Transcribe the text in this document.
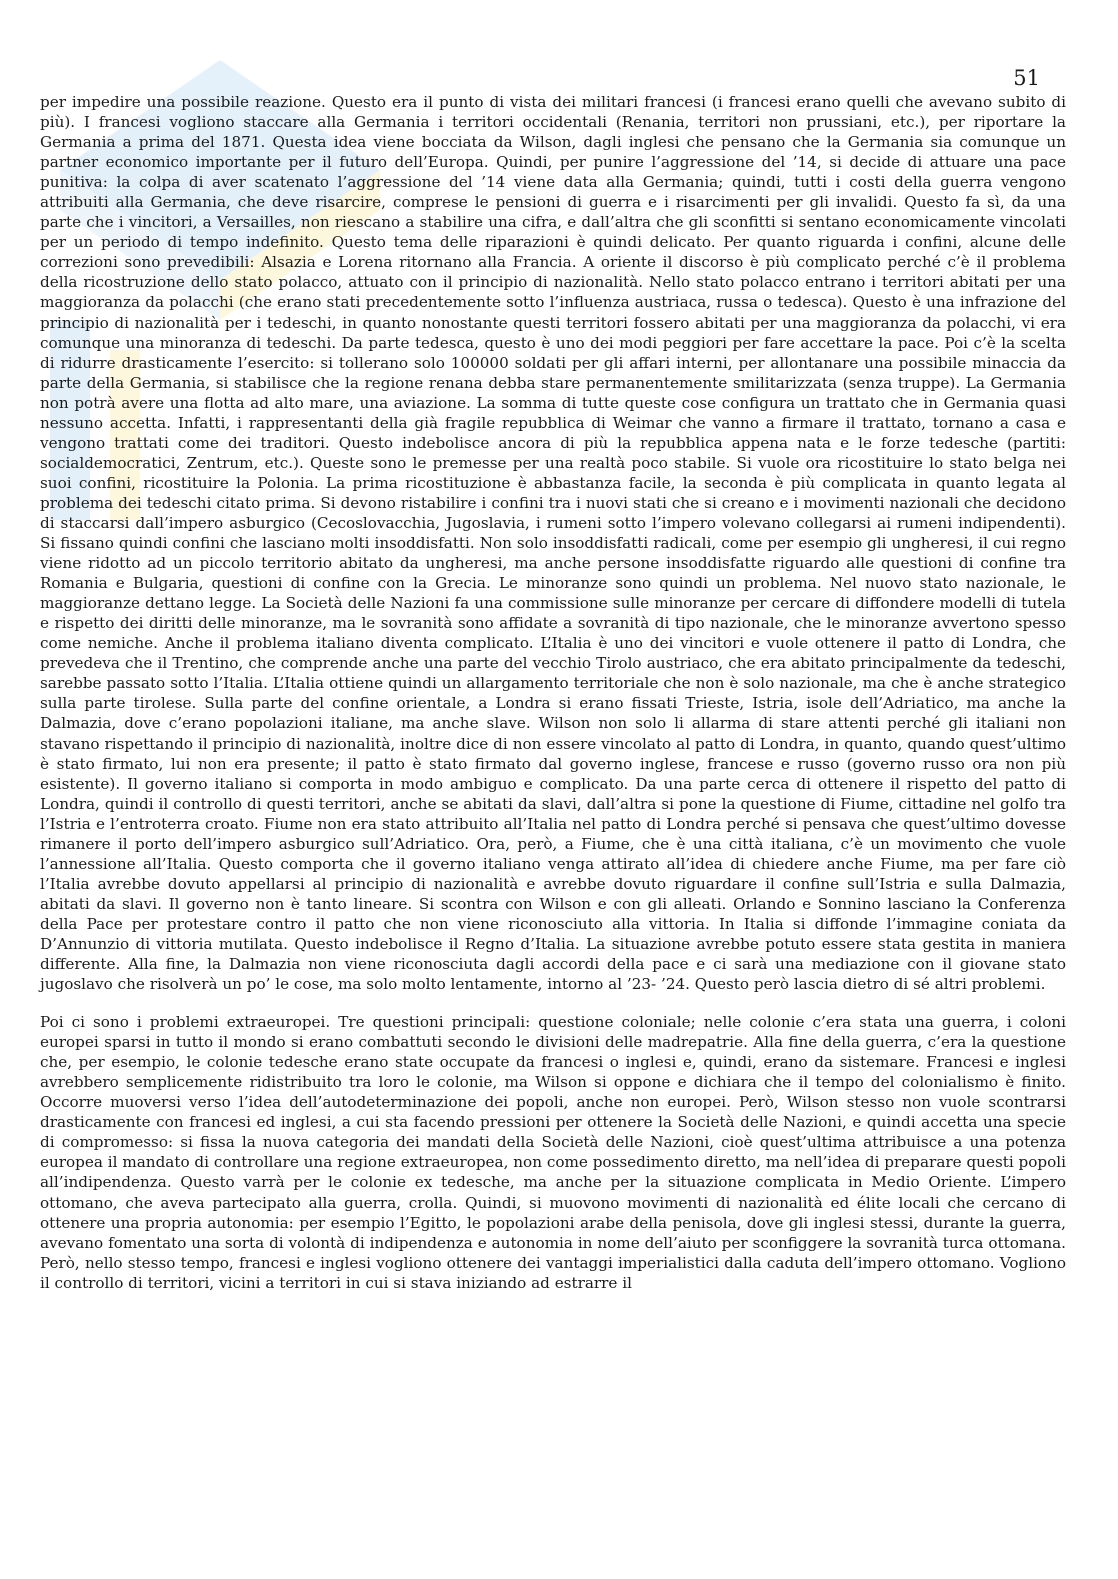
51

per impedire una possibile reazione. Questo era il punto di vista dei militari francesi (i francesi erano quelli che avevano subito di più). I francesi vogliono staccare alla Germania i territori occidentali (Renania, territori non prussiani, etc.), per riportare la Germania a prima del 1871. Questa idea viene bocciata da Wilson, dagli inglesi che pensano che la Germania sia comunque un partner economico importante per il futuro dell’Europa. Quindi, per punire l’aggressione del ’14, si decide di attuare una pace punitiva: la colpa di aver scatenato l’aggressione del ’14 viene data alla Germania; quindi, tutti i costi della guerra vengono attribuiti alla Germania, che deve risarcire, comprese le pensioni di guerra e i risarcimenti per gli invalidi. Questo fa sì, da una parte che i vincitori, a Versailles, non riescano a stabilire una cifra, e dall’altra che gli sconfitti si sentano economicamente vincolati per un periodo di tempo indefinito. Questo tema delle riparazioni è quindi delicato. Per quanto riguarda i confini, alcune delle correzioni sono prevedibili: Alsazia e Lorena ritornano alla Francia. A oriente il discorso è più complicato perché c’è il problema della ricostruzione dello stato polacco, attuato con il principio di nazionalità. Nello stato polacco entrano i territori abitati per una maggioranza da polacchi (che erano stati precedentemente sotto l’influenza austriaca, russa o tedesca). Questo è una infrazione del principio di nazionalità per i tedeschi, in quanto nonostante questi territori fossero abitati per una maggioranza da polacchi, vi era comunque una minoranza di tedeschi. Da parte tedesca, questo è uno dei modi peggiori per fare accettare la pace. Poi c’è la scelta di ridurre drasticamente l’esercito: si tollerano solo 100000 soldati per gli affari interni, per allontanare una possibile minaccia da parte della Germania, si stabilisce che la regione renana debba stare permanentemente smilitarizzata (senza truppe). La Germania non potrà avere una flotta ad alto mare, una aviazione. La somma di tutte queste cose configura un trattato che in Germania quasi nessuno accetta. Infatti, i rappresentanti della già fragile repubblica di Weimar che vanno a firmare il trattato, tornano a casa e vengono trattati come dei traditori. Questo indebolisce ancora di più la repubblica appena nata e le forze tedesche (partiti: socialdemocratici, Zentrum, etc.). Queste sono le premesse per una realtà poco stabile. Si vuole ora ricostituire lo stato belga nei suoi confini, ricostituire la Polonia. La prima ricostituzione è abbastanza facile, la seconda è più complicata in quanto legata al problema dei tedeschi citato prima. Si devono ristabilire i confini tra i nuovi stati che si creano e i movimenti nazionali che decidono di staccarsi dall’impero asburgico (Cecoslovacchia, Jugoslavia, i rumeni sotto l’impero volevano collegarsi ai rumeni indipendenti). Si fissano quindi confini che lasciano molti insoddisfatti. Non solo insoddisfatti radicali, come per esempio gli ungheresi, il cui regno viene ridotto ad un piccolo territorio abitato da ungheresi, ma anche persone insoddisfatte riguardo alle questioni di confine tra Romania e Bulgaria, questioni di confine con la Grecia. Le minoranze sono quindi un problema. Nel nuovo stato nazionale, le maggioranze dettano legge. La Società delle Nazioni fa una commissione sulle minoranze per cercare di diffondere modelli di tutela e rispetto dei diritti delle minoranze, ma le sovranità sono affidate a sovranità di tipo nazionale, che le minoranze avvertono spesso come nemiche. Anche il problema italiano diventa complicato. L’Italia è uno dei vincitori e vuole ottenere il patto di Londra, che prevedeva che il Trentino, che comprende anche una parte del vecchio Tirolo austriaco, che era abitato principalmente da tedeschi, sarebbe passato sotto l’Italia. L’Italia ottiene quindi un allargamento territoriale che non è solo nazionale, ma che è anche strategico sulla parte tirolese. Sulla parte del confine orientale, a Londra si erano fissati Trieste, Istria, isole dell’Adriatico, ma anche la Dalmazia, dove c’erano popolazioni italiane, ma anche slave. Wilson non solo li allarma di stare attenti perché gli italiani non stavano rispettando il principio di nazionalità, inoltre dice di non essere vincolato al patto di Londra, in quanto, quando quest’ultimo è stato firmato, lui non era presente; il patto è stato firmato dal governo inglese, francese e russo (governo russo ora non più esistente). Il governo italiano si comporta in modo ambiguo e complicato. Da una parte cerca di ottenere il rispetto del patto di Londra, quindi il controllo di questi territori, anche se abitati da slavi, dall’altra si pone la questione di Fiume, cittadine nel golfo tra l’Istria e l’entroterra croato. Fiume non era stato attribuito all’Italia nel patto di Londra perché si pensava che quest’ultimo dovesse rimanere il porto dell’impero asburgico sull’Adriatico. Ora, però, a Fiume, che è una città italiana, c’è un movimento che vuole l’annessione all’Italia. Questo comporta che il governo italiano venga attirato all’idea di chiedere anche Fiume, ma per fare ciò l’Italia avrebbe dovuto appellarsi al principio di nazionalità e avrebbe dovuto riguardare il confine sull’Istria e sulla Dalmazia, abitati da slavi. Il governo non è tanto lineare. Si scontra con Wilson e con gli alleati. Orlando e Sonnino lasciano la Conferenza della Pace per protestare contro il patto che non viene riconosciuto alla vittoria. In Italia si diffonde l’immagine coniata da D’Annunzio di vittoria mutilata. Questo indebolisce il Regno d’Italia. La situazione avrebbe potuto essere stata gestita in maniera differente. Alla fine, la Dalmazia non viene riconosciuta dagli accordi della pace e ci sarà una mediazione con il giovane stato jugoslavo che risolverà un po’ le cose, ma solo molto lentamente, intorno al ’23- ’24. Questo però lascia dietro di sé altri problemi.

Poi ci sono i problemi extraeuropei. Tre questioni principali: questione coloniale; nelle colonie c’era stata una guerra, i coloni europei sparsi in tutto il mondo si erano combattuti secondo le divisioni delle madrepatrie. Alla fine della guerra, c’era la questione che, per esempio, le colonie tedesche erano state occupate da francesi o inglesi e, quindi, erano da sistemare. Francesi e inglesi avrebbero semplicemente ridistribuito tra loro le colonie, ma Wilson si oppone e dichiara che il tempo del colonialismo è finito. Occorre muoversi verso l’idea dell’autodeterminazione dei popoli, anche non europei. Però, Wilson stesso non vuole scontrarsi drasticamente con francesi ed inglesi, a cui sta facendo pressioni per ottenere la Società delle Nazioni, e quindi accetta una specie di compromesso: si fissa la nuova categoria dei mandati della Società delle Nazioni, cioè quest’ultima attribuisce a una potenza europea il mandato di controllare una regione extraeuropea, non come possedimento diretto, ma nell’idea di preparare questi popoli all’indipendenza. Questo varrà per le colonie ex tedesche, ma anche per la situazione complicata in Medio Oriente. L’impero ottomano, che aveva partecipato alla guerra, crolla. Quindi, si muovono movimenti di nazionalità ed élite locali che cercano di ottenere una propria autonomia: per esempio l’Egitto, le popolazioni arabe della penisola, dove gli inglesi stessi, durante la guerra, avevano fomentato una sorta di volontà di indipendenza e autonomia in nome dell’aiuto per sconfiggere la sovranità turca ottomana. Però, nello stesso tempo, francesi e inglesi vogliono ottenere dei vantaggi imperialistici dalla caduta dell’impero ottomano. Vogliono il controllo di territori, vicini a territori in cui si stava iniziando ad estrarre il
